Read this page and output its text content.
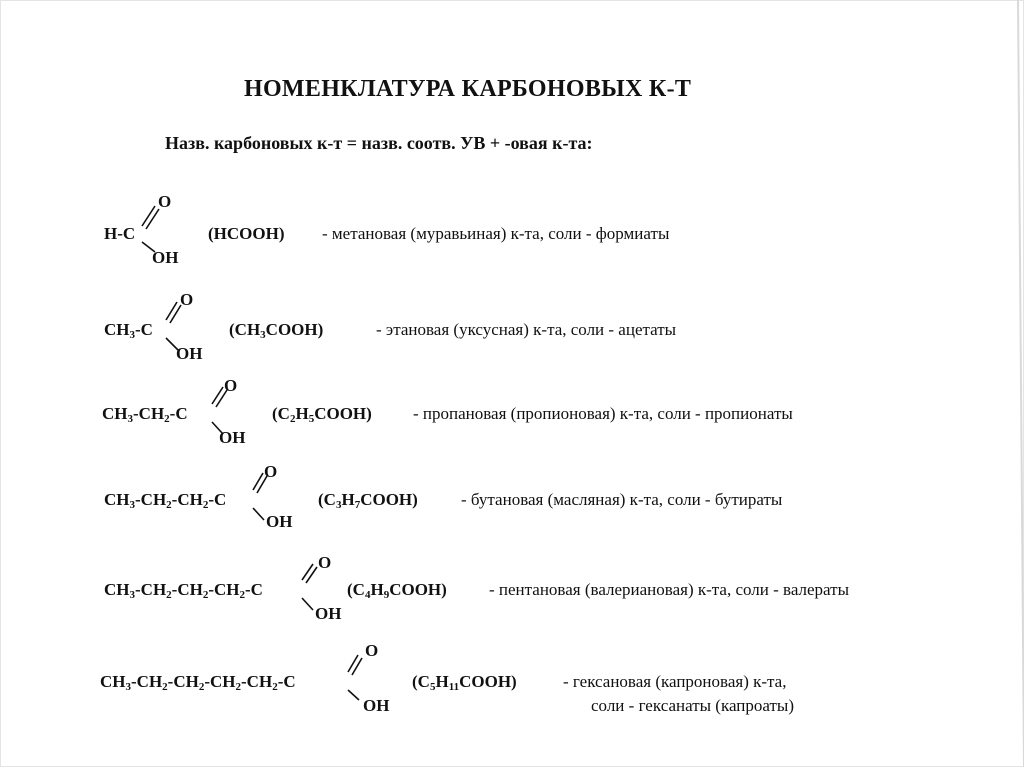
НОМЕНКЛАТУРА КАРБОНОВЫХ К-Т
Назв. карбоновых к-т = назв. соотв. УВ + -овая к-та:
H-C
O
OH
(HCOOH) - метановая (муравьиная) к-та, соли - формиаты
$CH_3-C$
O
OH
$(CH_3COOH)$	- этановая (уксусная) к-та, соли - ацетаты
$CH_3-CH_2-C$
O
OH
$(C_2H_5COOH)$ - пропановая (пропионовая) к-та, соли - пропионаты
$CH_3-CH_2-CH_2-C$
O
OH
$(C_3H_7COOH)$	- бутановая (масляная) к-та, соли - бутираты
$CH_3-CH_2-CH_2-CH_2-C$
O
OH
$(C_4H_9COOH)$ - пентановая (валериановая) к-та, соли - валераты
$CH_3-CH_2-CH_2-CH_2-CH_2-C$
O
OH
$(C_5H_{11}COOH)$	- гексановая (капроновая) к-та,
соли - гексанаты (капроаты)
